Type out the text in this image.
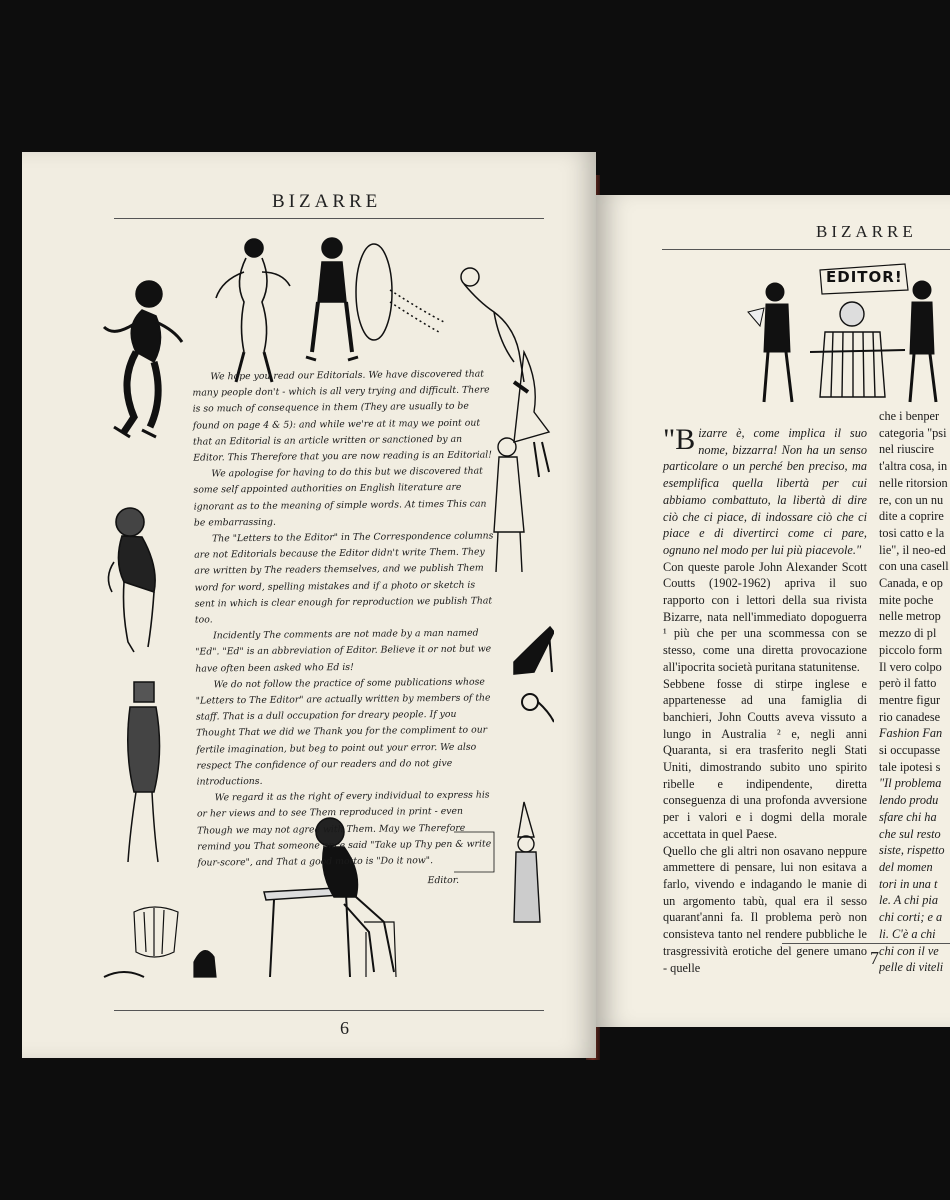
BIZARRE
6

We hope you read our Editorials. We have discovered that many people don't - which is all very trying and difficult. There is so much of consequence in them (They are usually to be found on page 4 & 5): and while we're at it may we point out that an Editorial is an article written or sanctioned by an Editor. This Therefore that you are now reading is an Editorial!

We apologise for having to do this but we discovered that some self appointed authorities on English literature are ignorant as to the meaning of simple words. At times This can be embarrassing.

The "Letters to the Editor" in The Correspondence columns are not Editorials because the Editor didn't write Them. They are written by The readers themselves, and we publish Them word for word, spelling mistakes and if a photo or sketch is sent in which is clear enough for reproduction we publish That too.

Incidently The comments are not made by a man named "Ed". "Ed" is an abbreviation of Editor. Believe it or not but we have often been asked who Ed is!

We do not follow the practice of some publications whose "Letters to The Editor" are actually written by members of the staff. That is a dull occupation for dreary people. If you Thought That we did we Thank you for the compliment to our fertile imagination, but beg to point out your error. We also respect The confidence of our readers and do not give introductions.

We regard it as the right of every individual to express his or her views and to see Them reproduced in print - even Though we may not agree with Them. May we Therefore remind you That someone once said "Take up Thy pen & write four-score", and That a good motto is "Do it now".

Editor.
BIZARRE
7
EDITOR!

"Bizarre è, come implica il suo nome, bizzarra! Non ha un senso particolare o un perché ben preciso, ma esemplifica quella libertà per cui abbiamo combattuto, la libertà di dire ciò che ci piace, di indossare ciò che ci piace e di divertirci come ci pare, ognuno nel modo per lui più piacevole."

Con queste parole John Alexander Scott Coutts (1902-1962) apriva il suo rapporto con i lettori della sua rivista Bizarre, nata nell'immediato dopoguerra ¹ più che per una scommessa con se stesso, come una diretta provocazione all'ipocrita società puritana statunitense.

Sebbene fosse di stirpe inglese e appartenesse ad una famiglia di banchieri, John Coutts aveva vissuto a lungo in Australia ² e, negli anni Quaranta, si era trasferito negli Stati Uniti, dimostrando subito uno spirito ribelle e indipendente, diretta conseguenza di una profonda avversione per i valori e i dogmi della morale accettata in quel Paese.

Quello che gli altri non osavano neppure ammettere di pensare, lui non esitava a farlo, vivendo e indagando le manie di un argomento tabù, qual era il sesso quarant'anni fa. Il problema però non consisteva tanto nel rendere pubbliche le trasgressività erotiche del genere umano - quelle

che i benper
categoria "psi
nel riuscire
t'altra cosa, in
nelle ritorsion
re, con un nu
dite a coprire
tosi catto e la
lie", il neo-ed
con una casell
Canada, e op
mite poche
nelle metrop
mezzo di pl
piccolo form
Il vero colpo
però il fatto
mentre figur
rio canadese
Fashion Fan
si occupasse
tale ipotesi s
"Il problema
lendo produ
sfare chi ha
che sul resto
siste, rispetto
del momen
tori in una t
le. A chi pia
chi corti; e a
li. C'è a chi
chi con il ve
pelle di viteli
